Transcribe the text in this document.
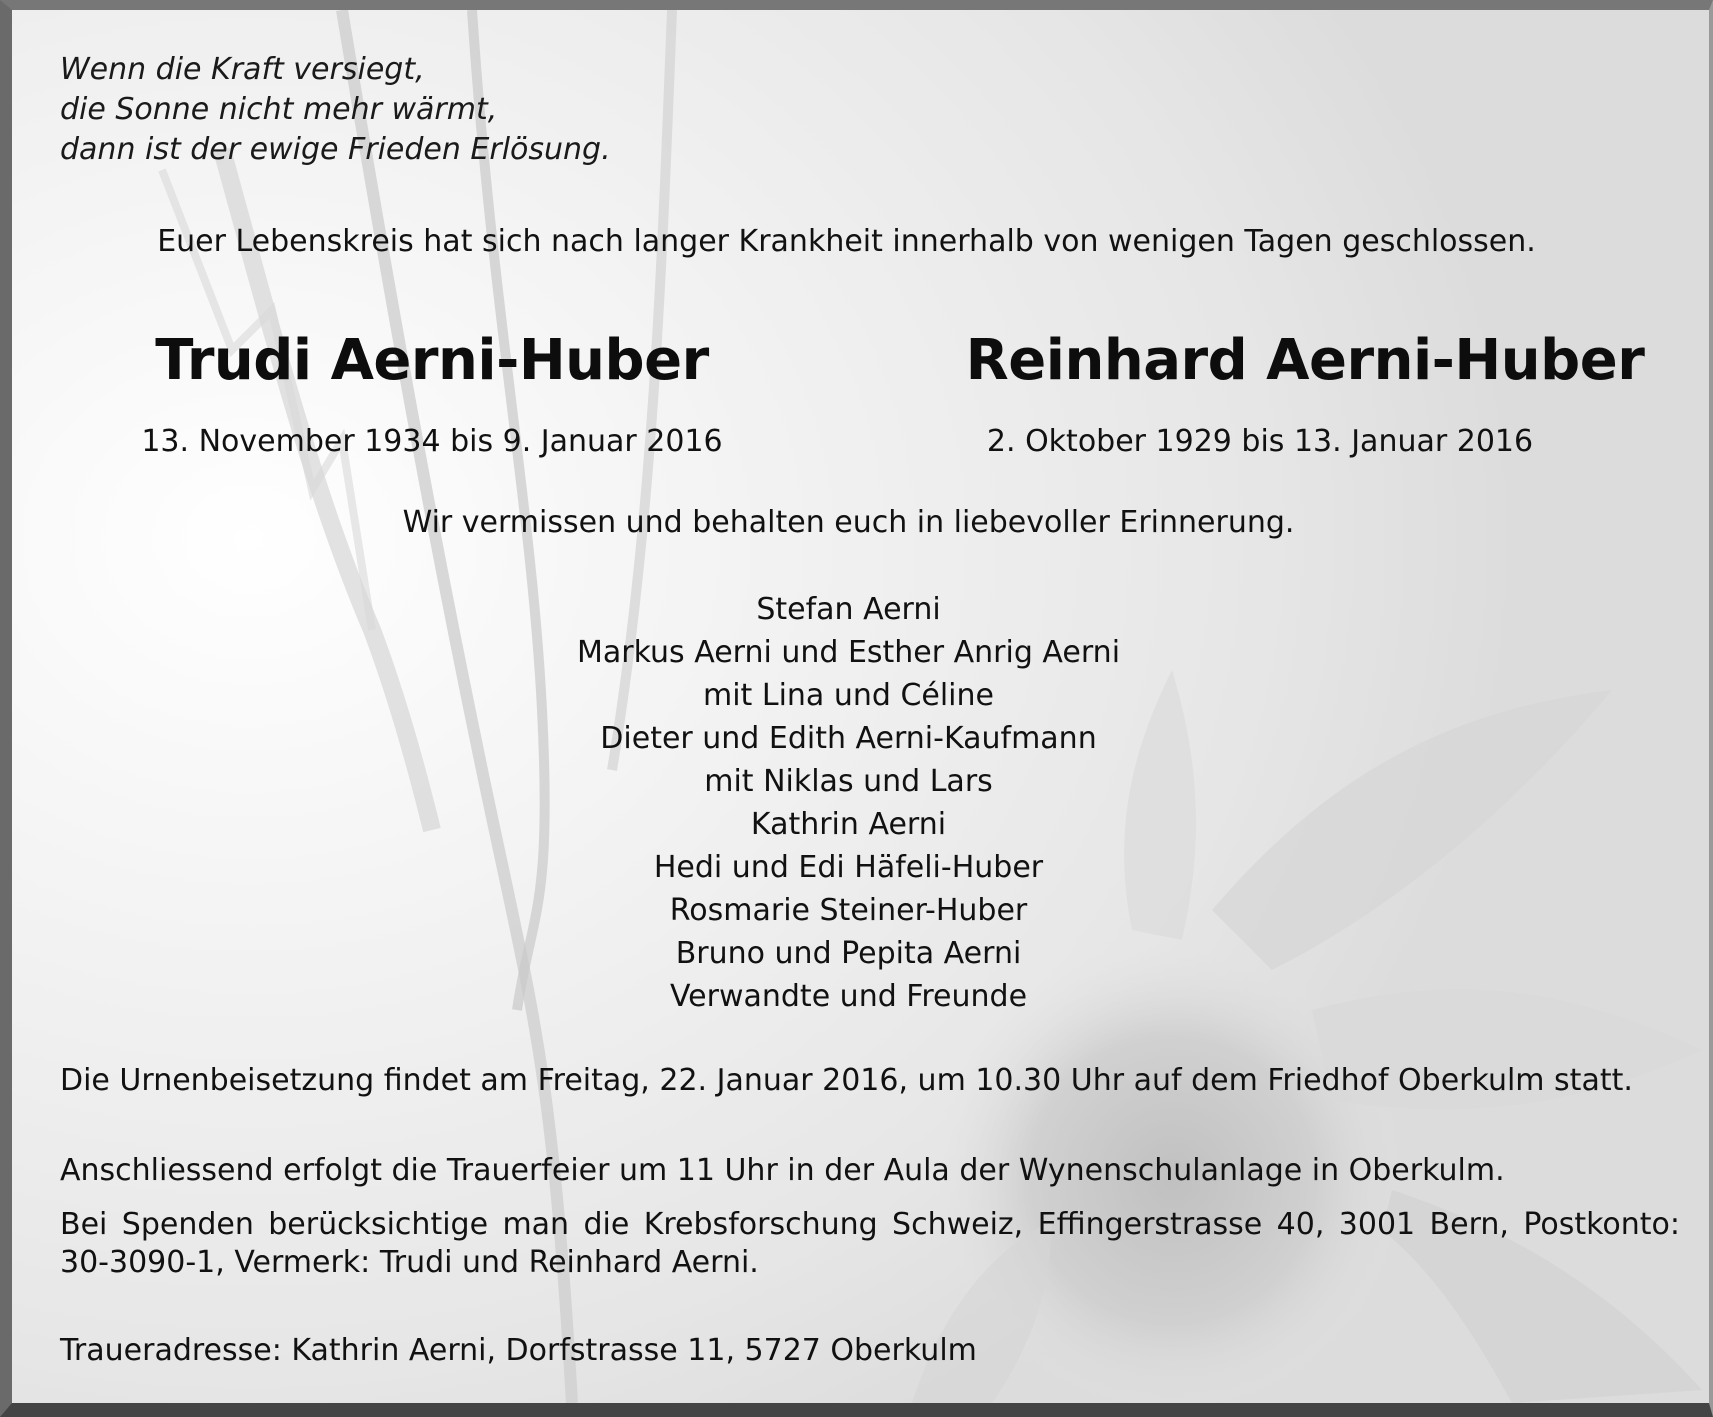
Wenn die Kraft versiegt,
die Sonne nicht mehr wärmt,
dann ist der ewige Frieden Erlösung.
Euer Lebenskreis hat sich nach langer Krankheit innerhalb von wenigen Tagen geschlossen.
Trudi Aerni-Huber
13. November 1934 bis 9. Januar 2016
Reinhard Aerni-Huber
2. Oktober 1929 bis 13. Januar 2016
Wir vermissen und behalten euch in liebevoller Erinnerung.
Stefan Aerni
Markus Aerni und Esther Anrig Aerni
mit Lina und Céline
Dieter und Edith Aerni-Kaufmann
mit Niklas und Lars
Kathrin Aerni
Hedi und Edi Häfeli-Huber
Rosmarie Steiner-Huber
Bruno und Pepita Aerni
Verwandte und Freunde
Die Urnenbeisetzung findet am Freitag, 22. Januar 2016, um 10.30 Uhr auf dem Friedhof Oberkulm statt.
Anschliessend erfolgt die Trauerfeier um 11 Uhr in der Aula der Wynenschulanlage in Oberkulm.
Bei Spenden berücksichtige man die Krebsforschung Schweiz, Effingerstrasse 40, 3001 Bern, Postkonto: 30-3090-1, Vermerk: Trudi und Reinhard Aerni.
Traueradresse: Kathrin Aerni, Dorfstrasse 11, 5727 Oberkulm
